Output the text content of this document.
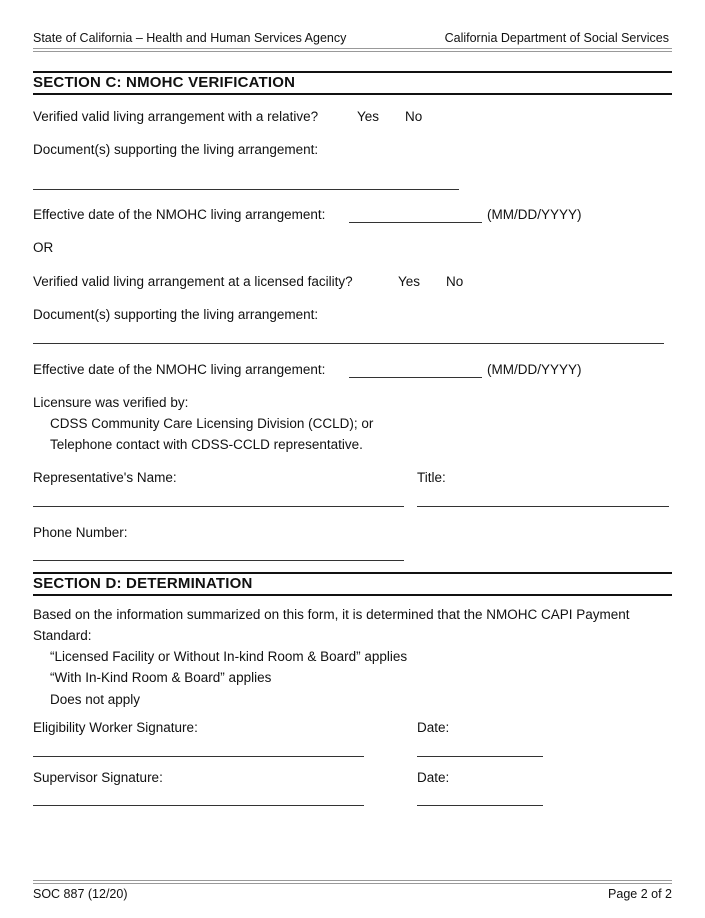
State of California – Health and Human Services Agency	California Department of Social Services
SECTION C: NMOHC VERIFICATION
Verified valid living arrangement with a relative?	Yes No
Document(s) supporting the living arrangement:
Effective date of the NMOHC living arrangement:	(MM/DD/YYYY)
OR
Verified valid living arrangement at a licensed facility?	Yes No
Document(s) supporting the living arrangement:
Effective date of the NMOHC living arrangement:	(MM/DD/YYYY)
Licensure was verified by:
CDSS Community Care Licensing Division (CCLD); or
Telephone contact with CDSS-CCLD representative.
Representative's Name:	Title:
Phone Number:
SECTION D: DETERMINATION
Based on the information summarized on this form, it is determined that the NMOHC CAPI Payment
Standard:
“Licensed Facility or Without In-kind Room & Board” applies
“With In-Kind Room & Board” applies
Does not apply
Eligibility Worker Signature:	Date:
Supervisor Signature:	Date:
SOC 887 (12/20)	Page 2 of 2
